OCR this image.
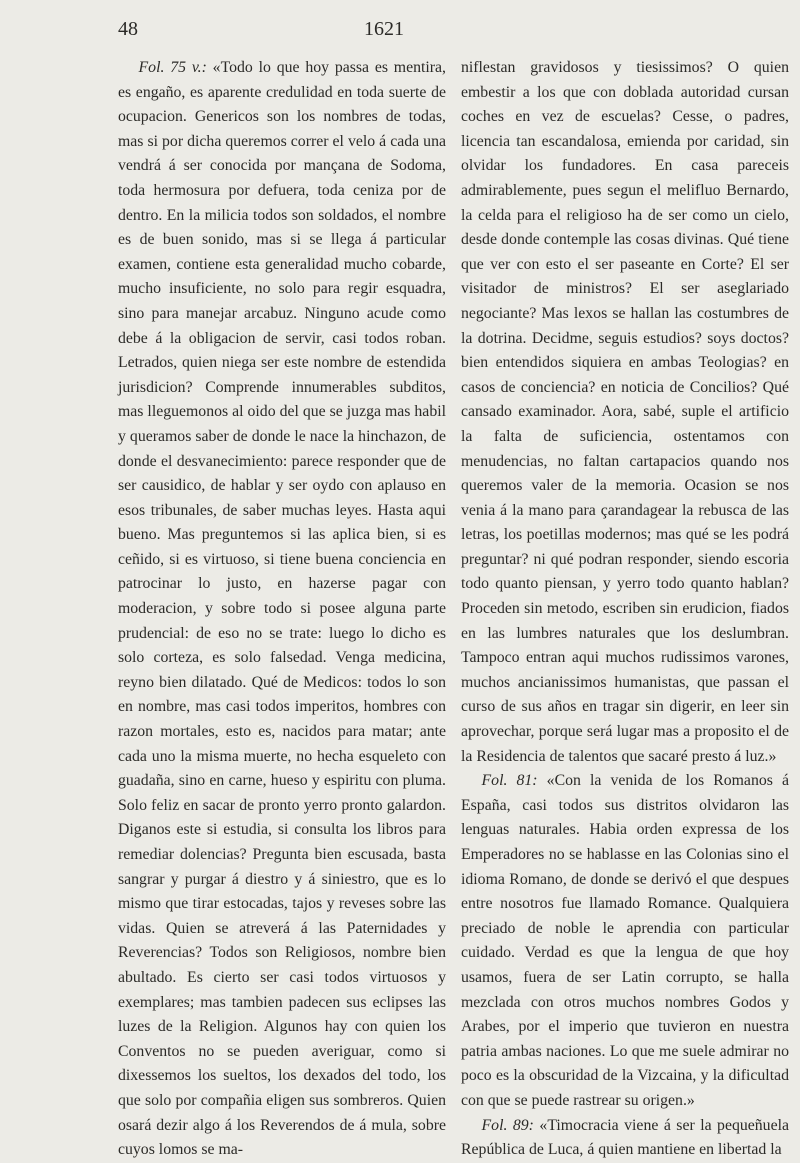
48	1621

Fol. 75 v.: «Todo lo que hoy passa es mentira, es engaño, es aparente credulidad en toda suerte de ocupacion. Genericos son los nombres de todas, mas si por dicha queremos correr el velo á cada una vendrá á ser conocida por mançana de Sodoma, toda hermosura por defuera, toda ceniza por de dentro. En la milicia todos son soldados, el nombre es de buen sonido, mas si se llega á particular examen, contiene esta generalidad mucho cobarde, mucho insuficiente, no solo para regir esquadra, sino para manejar arcabuz. Ninguno acude como debe á la obligacion de servir, casi todos roban. Letrados, quien niega ser este nombre de estendida jurisdicion? Comprende innumerables subditos, mas lleguemonos al oido del que se juzga mas habil y queramos saber de donde le nace la hinchazon, de donde el desvanecimiento: parece responder que de ser causidico, de hablar y ser oydo con aplauso en esos tribunales, de saber muchas leyes. Hasta aqui bueno. Mas preguntemos si las aplica bien, si es ceñido, si es virtuoso, si tiene buena conciencia en patrocinar lo justo, en hazerse pagar con moderacion, y sobre todo si posee alguna parte prudencial: de eso no se trate: luego lo dicho es solo corteza, es solo falsedad. Venga medicina, reyno bien dilatado. Qué de Medicos: todos lo son en nombre, mas casi todos imperitos, hombres con razon mortales, esto es, nacidos para matar; ante cada uno la misma muerte, no hecha esqueleto con guadaña, sino en carne, hueso y espiritu con pluma. Solo feliz en sacar de pronto yerro pronto galardon. Diganos este si estudia, si consulta los libros para remediar dolencias? Pregunta bien escusada, basta sangrar y purgar á diestro y á siniestro, que es lo mismo que tirar estocadas, tajos y reveses sobre las vidas. Quien se atreverá á las Paternidades y Reverencias? Todos son Religiosos, nombre bien abultado. Es cierto ser casi todos virtuosos y exemplares; mas tambien padecen sus eclipses las luzes de la Religion. Algunos hay con quien los Conventos no se pueden averiguar, como si dixessemos los sueltos, los dexados del todo, los que solo por compañia eligen sus sombreros. Quien osará dezir algo á los Reverendos de á mula, sobre cuyos lomos se ma-

niflestan gravidosos y tiesissimos? O quien embestir a los que con doblada autoridad cursan coches en vez de escuelas? Cesse, o padres, licencia tan escandalosa, emienda por caridad, sin olvidar los fundadores. En casa pareceis admirablemente, pues segun el melifluo Bernardo, la celda para el religioso ha de ser como un cielo, desde donde contemple las cosas divinas. Qué tiene que ver con esto el ser paseante en Corte? El ser visitador de ministros? El ser aseglariado negociante? Mas lexos se hallan las costumbres de la dotrina. Decidme, seguis estudios? soys doctos? bien entendidos siquiera en ambas Teologias? en casos de conciencia? en noticia de Concilios? Qué cansado examinador. Aora, sabé, suple el artificio la falta de suficiencia, ostentamos con menudencias, no faltan cartapacios quando nos queremos valer de la memoria. Ocasion se nos venia á la mano para çarandagear la rebusca de las letras, los poetillas modernos; mas qué se les podrá preguntar? ni qué podran responder, siendo escoria todo quanto piensan, y yerro todo quanto hablan? Proceden sin metodo, escriben sin erudicion, fiados en las lumbres naturales que los deslumbran. Tampoco entran aqui muchos rudissimos varones, muchos ancianissimos humanistas, que passan el curso de sus años en tragar sin digerir, en leer sin aprovechar, porque será lugar mas a proposito el de la Residencia de talentos que sacaré presto á luz.»

Fol. 81: «Con la venida de los Romanos á España, casi todos sus distritos olvidaron las lenguas naturales. Habia orden expressa de los Emperadores no se hablasse en las Colonias sino el idioma Romano, de donde se derivó el que despues entre nosotros fue llamado Romance. Qualquiera preciado de noble le aprendia con particular cuidado. Verdad es que la lengua de que hoy usamos, fuera de ser Latin corrupto, se halla mezclada con otros muchos nombres Godos y Arabes, por el imperio que tuvieron en nuestra patria ambas naciones. Lo que me suele admirar no poco es la obscuridad de la Vizcaina, y la dificultad con que se puede rastrear su origen.»

Fol. 89: «Timocracia viene á ser la pequeñuela República de Luca, á quien mantiene en libertad la
